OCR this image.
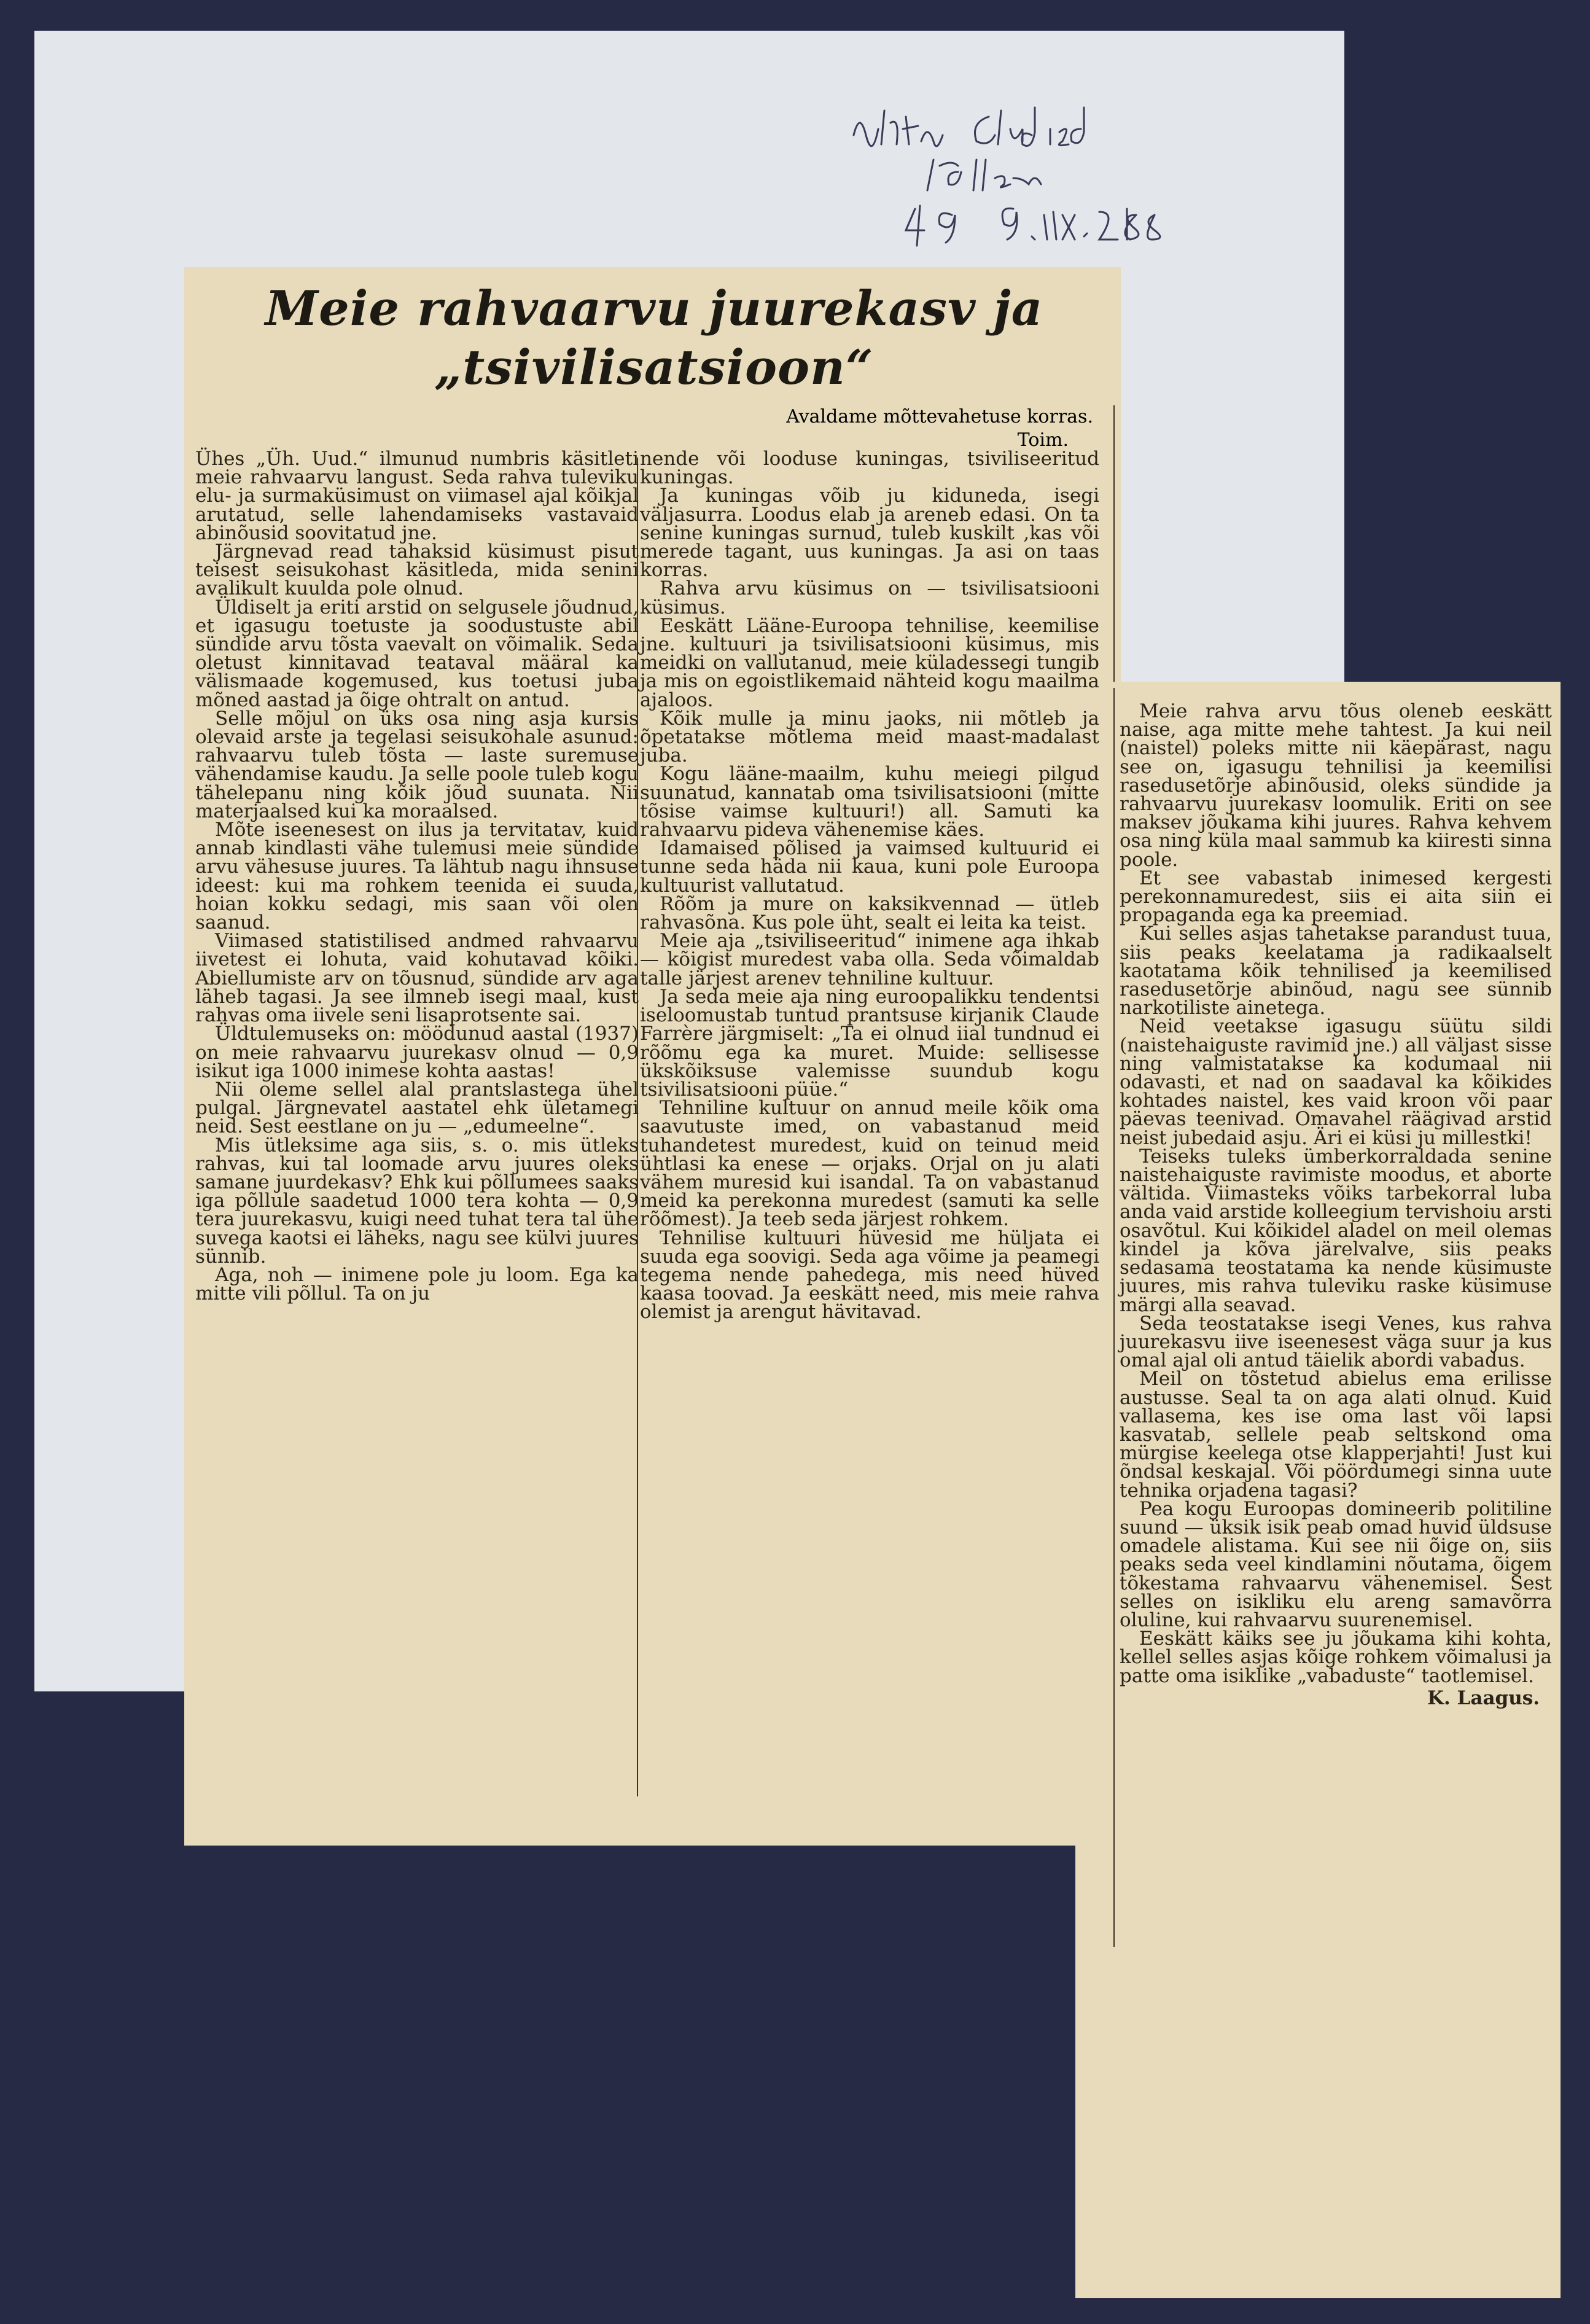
Meie rahvaarvu juurekasv ja
„tsivilisatsioon“
Avaldame mõttevahetuse korras.
Toim.

Ühes „Üh. Uud.“ ilmunud numbris käsitleti meie rahvaarvu langust. Seda rahva tuleviku elu- ja surmaküsimust on viimasel ajal kõikjal arutatud, selle lahendamiseks vastavaid abinõusid soovitatud jne.

Järgnevad read tahaksid küsimust pisut teisest seisukohast käsitleda, mida senini avalikult kuulda pole olnud.

Üldiselt ja eriti arstid on selgusele jõudnud, et igasugu toetuste ja soodustuste abil sündide arvu tõsta vaevalt on võimalik. Seda oletust kinnitavad teataval määral ka välismaade kogemused, kus toetusi juba mõned aastad ja õige ohtralt on antud.

Selle mõjul on üks osa ning asja kursis olevaid arste ja tegelasi seisukohale asunud: rahvaarvu tuleb tõsta — laste suremuse vähendamise kaudu. Ja selle poole tuleb kogu tähelepanu ning kõik jõud suunata. Nii materjaalsed kui ka moraalsed.

Mõte iseenesest on ilus ja tervitatav, kuid annab kindlasti vähe tulemusi meie sündide arvu vähesuse juures. Ta lähtub nagu ihnsuse ideest: kui ma rohkem teenida ei suuda, hoian kokku sedagi, mis saan või olen saanud.

Viimased statistilised andmed rahvaarvu iivetest ei lohuta, vaid kohutavad kõiki. Abiellumiste arv on tõusnud, sündide arv aga läheb tagasi. Ja see ilmneb isegi maal, kust rahvas oma iivele seni lisaprotsente sai.

Üldtulemuseks on: möödunud aastal (1937) on meie rahvaarvu juurekasv olnud — 0,9 isikut iga 1000 inimese kohta aastas!

Nii oleme sellel alal prantslastega ühel pulgal. Järgnevatel aastatel ehk ületamegi neid. Sest eestlane on ju — „edumeelne“.

Mis ütleksime aga siis, s. o. mis ütleks rahvas, kui tal loomade arvu juures oleks samane juurdekasv? Ehk kui põllumees saaks iga põllule saadetud 1000 tera kohta — 0,9 tera juurekasvu, kuigi need tuhat tera tal ühe suvega kaotsi ei läheks, nagu see külvi juures sünnib.

Aga, noh — inimene pole ju loom. Ega ka mitte vili põllul. Ta on ju

nende või looduse kuningas, tsiviliseeritud kuningas.

Ja kuningas võib ju kiduneda, isegi väljasurra. Loodus elab ja areneb edasi. On ta senine kuningas surnud, tuleb kuskilt ,kas või merede tagant, uus kuningas. Ja asi on taas korras.

Rahva arvu küsimus on — tsivilisatsiooni küsimus.

Eeskätt Lääne-Euroopa tehnilise, keemilise jne. kultuuri ja tsivilisatsiooni küsimus, mis meidki on vallutanud, meie küladessegi tungib ja mis on egoistlikemaid nähteid kogu maailma ajaloos.

Kõik mulle ja minu jaoks, nii mõtleb ja õpetatakse mõtlema meid maast-madalast juba.

Kogu lääne-maailm, kuhu meiegi pilgud suunatud, kannatab oma tsivilisatsiooni (mitte tõsise vaimse kultuuri!) all. Samuti ka rahvaarvu pideva vähenemise käes.

Idamaised põlised ja vaimsed kultuurid ei tunne seda häda nii kaua, kuni pole Euroopa kultuurist vallutatud.

Rõõm ja mure on kaksikvennad — ütleb rahvasõna. Kus pole üht, sealt ei leita ka teist.

Meie aja „tsiviliseeritud“ inimene aga ihkab — kõigist muredest vaba olla. Seda võimaldab talle järjest arenev tehniline kultuur.

Ja seda meie aja ning euroopalikku tendentsi iseloomustab tuntud prantsuse kirjanik Claude Farrère järgmiselt: „Ta ei olnud iial tundnud ei rõõmu ega ka muret. Muide: sellisesse ükskõiksuse valemisse suundub kogu tsivilisatsiooni püüe.“

Tehniline kultuur on annud meile kõik oma saavutuste imed, on vabastanud meid tuhandetest muredest, kuid on teinud meid ühtlasi ka enese — orjaks. Orjal on ju alati vähem muresid kui isandal. Ta on vabastanud meid ka perekonna muredest (samuti ka selle rõõmest). Ja teeb seda järjest rohkem.

Tehnilise kultuuri hüvesid me hüljata ei suuda ega soovigi. Seda aga võime ja peamegi tegema nende pahedega, mis need hüved kaasa toovad. Ja eeskätt need, mis meie rahva olemist ja arengut hävitavad.

Meie rahva arvu tõus oleneb eeskätt naise, aga mitte mehe tahtest. Ja kui neil (naistel) poleks mitte nii käepärast, nagu see on, igasugu tehnilisi ja keemilisi rasedusetõrje abinõusid, oleks sündide ja rahvaarvu juurekasv loomulik. Eriti on see maksev jõukama kihi juures. Rahva kehvem osa ning küla maal sammub ka kiiresti sinna poole.

Et see vabastab inimesed kergesti perekonnamuredest, siis ei aita siin ei propaganda ega ka preemiad.

Kui selles asjas tahetakse parandust tuua, siis peaks keelatama ja radikaalselt kaotatama kõik tehnilised ja keemilised rasedusetõrje abinõud, nagu see sünnib narkotiliste ainetega.

Neid veetakse igasugu süütu sildi (naistehaiguste ravimid jne.) all väljast sisse ning valmistatakse ka kodumaal nii odavasti, et nad on saadaval ka kõikides kohtades naistel, kes vaid kroon või paar päevas teenivad. Omavahel räägivad arstid neist jubedaid asju. Äri ei küsi ju millestki!

Teiseks tuleks ümberkorraldada senine naistehaiguste ravimiste moodus, et aborte vältida. Viimasteks võiks tarbekorral luba anda vaid arstide kolleegium tervishoiu arsti osavõtul. Kui kõikidel aladel on meil olemas kindel ja kõva järelvalve, siis peaks sedasama teostatama ka nende küsimuste juures, mis rahva tuleviku raske küsimuse märgi alla seavad.

Seda teostatakse isegi Venes, kus rahva juurekasvu iive iseenesest väga suur ja kus omal ajal oli antud täielik abordi vabadus.

Meil on tõstetud abielus ema erilisse austusse. Seal ta on aga alati olnud. Kuid vallasema, kes ise oma last või lapsi kasvatab, sellele peab seltskond oma mürgise keelega otse klapperjahti! Just kui õndsal keskajal. Või pöördumegi sinna uute tehnika orjadena tagasi?

Pea kogu Euroopas domineerib politiline suund — üksik isik peab omad huvid üldsuse omadele alistama. Kui see nii õige on, siis peaks seda veel kindlamini nõutama, õigem tõkestama rahvaarvu vähenemisel. Sest selles on isikliku elu areng samavõrra oluline, kui rahvaarvu suurenemisel.

Eeskätt käiks see ju jõukama kihi kohta, kellel selles asjas kõige rohkem võimalusi ja patte oma isiklike „vabaduste“ taotlemisel.

K. Laagus.
